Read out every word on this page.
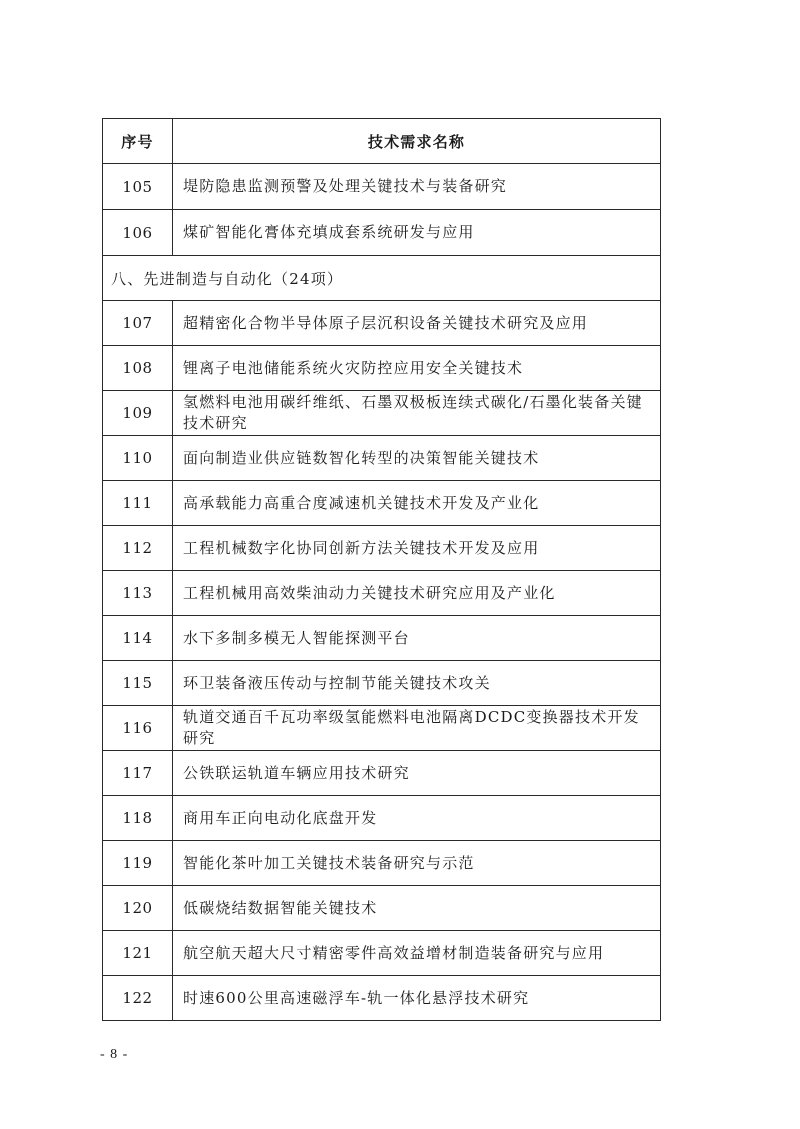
序号	技术需求名称
105	堤防隐患监测预警及处理关键技术与装备研究
106	煤矿智能化膏体充填成套系统研发与应用
八、先进制造与自动化（24项）	
107	超精密化合物半导体原子层沉积设备关键技术研究及应用
108	锂离子电池储能系统火灾防控应用安全关键技术
109	氢燃料电池用碳纤维纸、石墨双极板连续式碳化/石墨化装备关键技术研究
110	面向制造业供应链数智化转型的决策智能关键技术
111	高承载能力高重合度减速机关键技术开发及产业化
112	工程机械数字化协同创新方法关键技术开发及应用
113	工程机械用高效柴油动力关键技术研究应用及产业化
114	水下多制多模无人智能探测平台
115	环卫装备液压传动与控制节能关键技术攻关
116	轨道交通百千瓦功率级氢能燃料电池隔离DCDC变换器技术开发研究
117	公铁联运轨道车辆应用技术研究
118	商用车正向电动化底盘开发
119	智能化茶叶加工关键技术装备研究与示范
120	低碳烧结数据智能关键技术
121	航空航天超大尺寸精密零件高效益增材制造装备研究与应用
122	时速600公里高速磁浮车-轨一体化悬浮技术研究
- 8 -
